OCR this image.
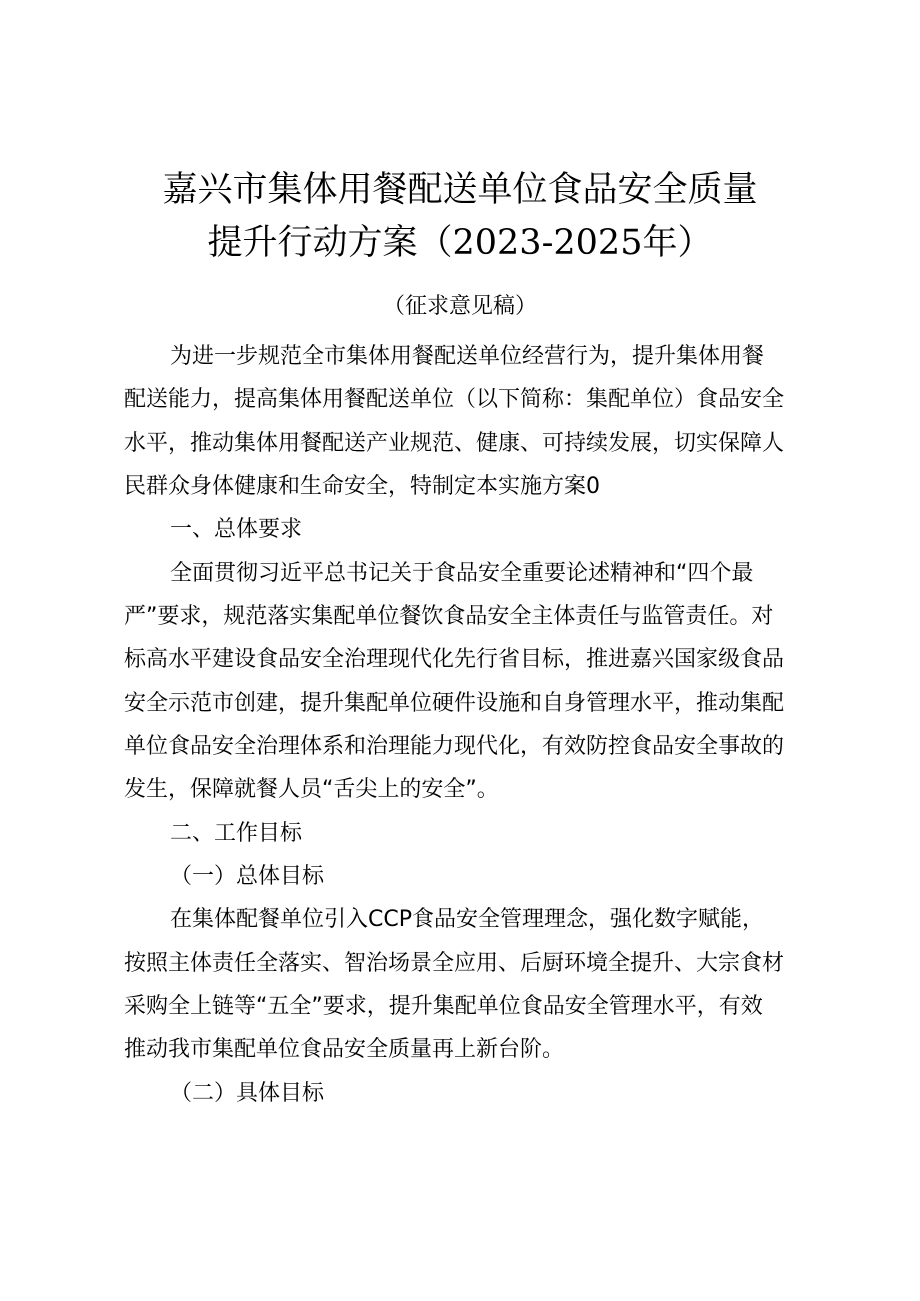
嘉兴市集体用餐配送单位食品安全质量
提升行动方案（2023-2025年）
（征求意见稿）
为进一步规范全市集体用餐配送单位经营行为，提升集体用餐
配送能力，提高集体用餐配送单位（以下简称：集配单位）食品安全
水平，推动集体用餐配送产业规范、健康、可持续发展，切实保障人
民群众身体健康和生命安全，特制定本实施方案0
一、总体要求
全面贯彻习近平总书记关于食品安全重要论述精神和“四个最
严”要求，规范落实集配单位餐饮食品安全主体责任与监管责任。对
标高水平建设食品安全治理现代化先行省目标，推进嘉兴国家级食品
安全示范市创建，提升集配单位硬件设施和自身管理水平，推动集配
单位食品安全治理体系和治理能力现代化，有效防控食品安全事故的
发生，保障就餐人员“舌尖上的安全”。
二、工作目标
（一）总体目标
在集体配餐单位引入CCP食品安全管理理念，强化数字赋能，
按照主体责任全落实、智治场景全应用、后厨环境全提升、大宗食材
采购全上链等“五全”要求，提升集配单位食品安全管理水平，有效
推动我市集配单位食品安全质量再上新台阶。
（二）具体目标
